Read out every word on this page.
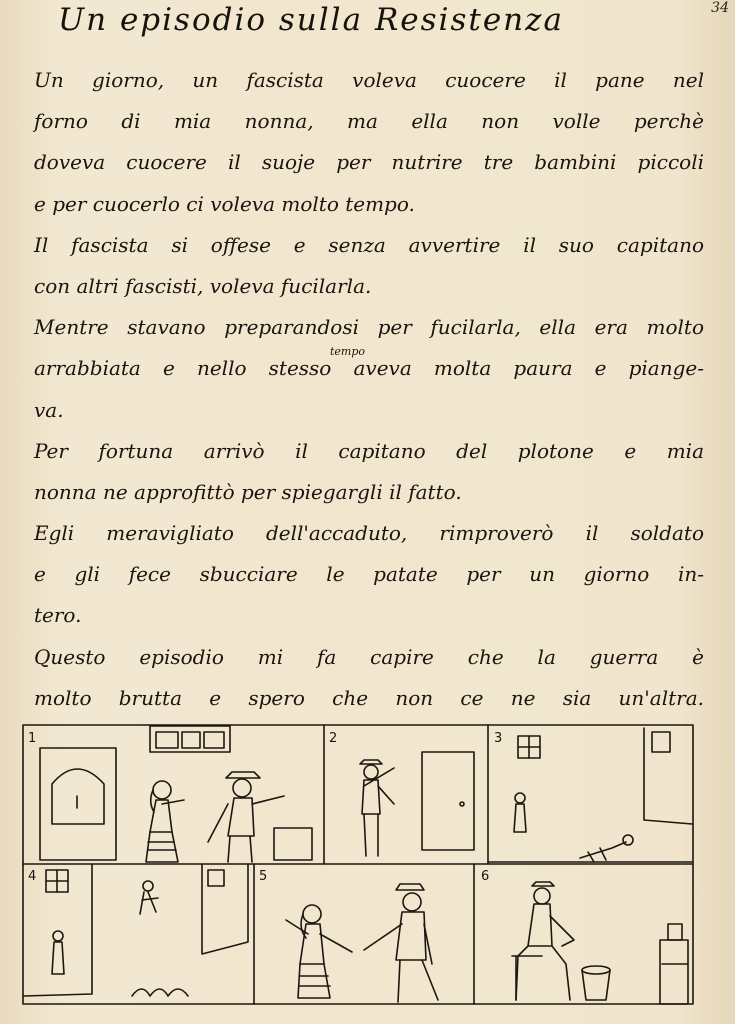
34
Un episodio sulla Resistenza
Un giorno, un fascista voleva cuocere il pane nel
forno di mia nonna, ma ella non volle perchè
doveva cuocere il suoje per nutrire tre bambini piccoli
e per cuocerlo ci voleva molto tempo.
Il fascista si offese e senza avvertire il suo capitano
con altri fascisti, voleva fucilarla.
Mentre stavano preparandosi per fucilarla, ella era molto
tempo
arrabbiata e nello stesso aveva molta paura e piange-
va.
Per fortuna arrivò il capitano del plotone e mia
nonna ne approfittò per spiegargli il fatto.
Egli meravigliato dell'accaduto, rimproverò il soldato
e gli fece sbucciare le patate per un giorno in-
tero.
Questo episodio mi fa capire che la guerra è
molto brutta e spero che non ce ne sia un'altra.
1	2	3
4	5	6
